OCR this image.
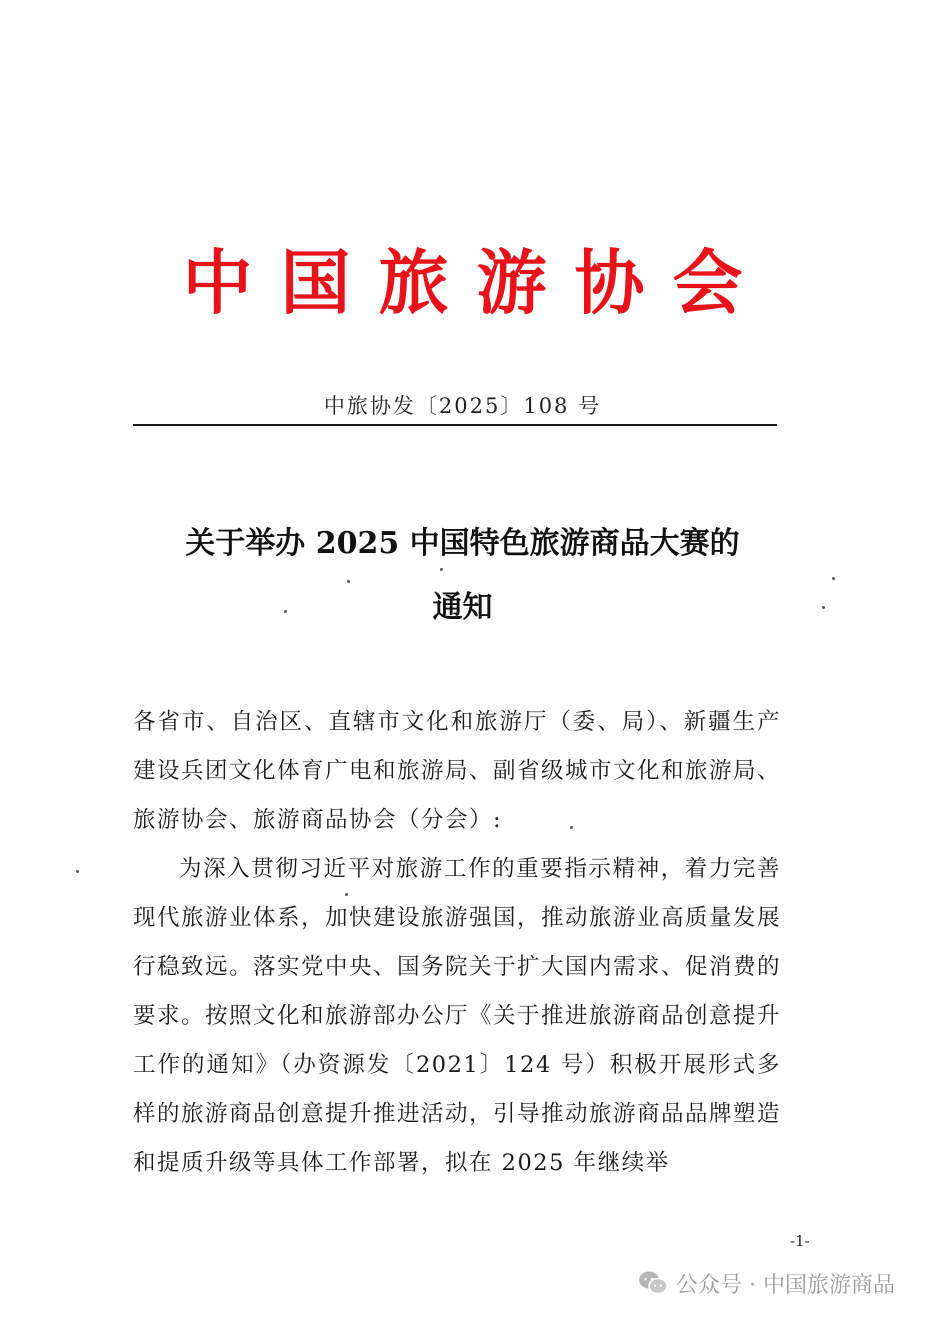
中国旅游协会
中旅协发〔2025〕108 号
关于举办 2025 中国特色旅游商品大赛的
通知

各省市、自治区、直辖市文化和旅游厅（委、局）、新疆生产建设兵团文化体育广电和旅游局、副省级城市文化和旅游局、旅游协会、旅游商品协会（分会）:

为深入贯彻习近平对旅游工作的重要指示精神，着力完善现代旅游业体系，加快建设旅游强国，推动旅游业高质量发展行稳致远。落实党中央、国务院关于扩大国内需求、促消费的要求。按照文化和旅游部办公厅《关于推进旅游商品创意提升工作的通知》（办资源发〔2021〕124 号）积极开展形式多样的旅游商品创意提升推进活动，引导推动旅游商品品牌塑造和提质升级等具体工作部署，拟在 2025 年继续举

-1-
公众号 · 中国旅游商品
